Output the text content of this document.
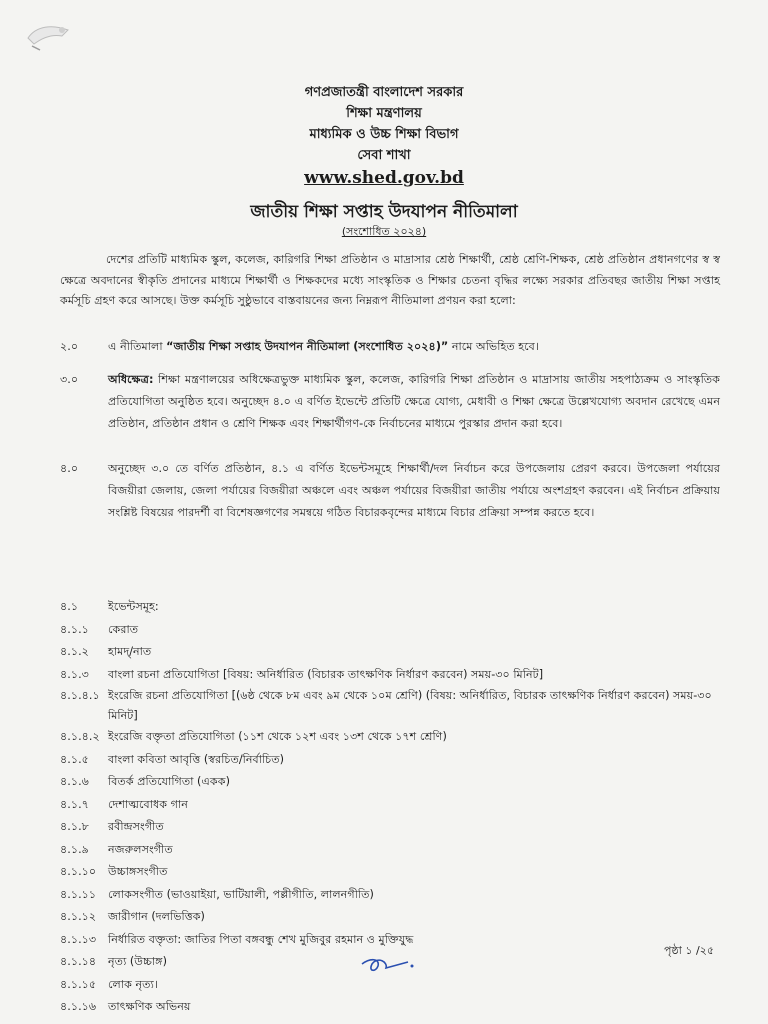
গণপ্রজাতন্ত্রী বাংলাদেশ সরকার
শিক্ষা মন্ত্রণালয়
মাধ্যমিক ও উচ্চ শিক্ষা বিভাগ
সেবা শাখা
www.shed.gov.bd
জাতীয় শিক্ষা সপ্তাহ উদযাপন নীতিমালা
(সংশোধিত ২০২৪)
দেশের প্রতিটি মাধ্যমিক স্কুল, কলেজ, কারিগরি শিক্ষা প্রতিষ্ঠান ও মাদ্রাসার শ্রেষ্ঠ শিক্ষার্থী, শ্রেষ্ঠ শ্রেণি-শিক্ষক, শ্রেষ্ঠ প্রতিষ্ঠান প্রধানগণের স্ব স্ব ক্ষেত্রে অবদানের স্বীকৃতি প্রদানের মাধ্যমে শিক্ষার্থী ও শিক্ষকদের মধ্যে সাংস্কৃতিক ও শিক্ষার চেতনা বৃদ্ধির লক্ষ্যে সরকার প্রতিবছর জাতীয় শিক্ষা সপ্তাহ কর্মসূচি গ্রহণ করে আসছে। উক্ত কর্মসূচি সুষ্ঠুভাবে বাস্তবায়নের জন্য নিম্নরূপ নীতিমালা প্রণয়ন করা হলো:
২.০	এ নীতিমালা “জাতীয় শিক্ষা সপ্তাহ উদযাপন নীতিমালা (সংশোধিত ২০২৪)” নামে অভিহিত হবে।
৩.০	অধিক্ষেত্র: শিক্ষা মন্ত্রণালয়ের অধিক্ষেত্রভুক্ত মাধ্যমিক স্কুল, কলেজ, কারিগরি শিক্ষা প্রতিষ্ঠান ও মাদ্রাসায় জাতীয় সহপাঠ্যক্রম ও সাংস্কৃতিক প্রতিযোগিতা অনুষ্ঠিত হবে। অনুচ্ছেদ ৪.০ এ বর্ণিত ইভেন্টে প্রতিটি ক্ষেত্রে যোগ্য, মেধাবী ও শিক্ষা ক্ষেত্রে উল্লেখযোগ্য অবদান রেখেছে এমন প্রতিষ্ঠান, প্রতিষ্ঠান প্রধান ও শ্রেণি শিক্ষক এবং শিক্ষার্থীগণ-কে নির্বাচনের মাধ্যমে পুরস্কার প্রদান করা হবে।
৪.০	অনুচ্ছেদ ৩.০ তে বর্ণিত প্রতিষ্ঠান, ৪.১ এ বর্ণিত ইভেন্টসমূহে শিক্ষার্থী/দল নির্বাচন করে উপজেলায় প্রেরণ করবে। উপজেলা পর্যায়ের বিজয়ীরা জেলায়, জেলা পর্যায়ের বিজয়ীরা অঞ্চলে এবং অঞ্চল পর্যায়ের বিজয়ীরা জাতীয় পর্যায়ে অংশগ্রহণ করবেন। এই নির্বাচন প্রক্রিয়ায় সংশ্লিষ্ট বিষয়ের পারদর্শী বা বিশেষজ্ঞগণের সমন্বয়ে গঠিত বিচারকবৃন্দের মাধ্যমে বিচার প্রক্রিয়া সম্পন্ন করতে হবে।
৪.১	ইভেন্টসমূহ:
৪.১.১	কেরাত
৪.১.২	হামদ্/নাত
৪.১.৩	বাংলা রচনা প্রতিযোগিতা [বিষয়: অনির্ধারিত (বিচারক তাৎক্ষণিক নির্ধারণ করবেন) সময়-৩০ মিনিট]
৪.১.৪.১ ইংরেজি রচনা প্রতিযোগিতা [(৬ষ্ঠ থেকে ৮ম এবং ৯ম থেকে ১০ম শ্রেণি) (বিষয়: অনির্ধারিত, বিচারক তাৎক্ষণিক নির্ধারণ করবেন) সময়-৩০ মিনিট]
৪.১.৪.২ ইংরেজি বক্তৃতা প্রতিযোগিতা (১১শ থেকে ১২শ এবং ১৩শ থেকে ১৭শ শ্রেণি)
৪.১.৫	বাংলা কবিতা আবৃত্তি (স্বরচিত/নির্বাচিত)
৪.১.৬	বিতর্ক প্রতিযোগিতা (একক)
৪.১.৭	দেশাত্মবোধক গান
৪.১.৮	রবীন্দ্রসংগীত
৪.১.৯	নজরুলসংগীত
৪.১.১০	উচ্চাঙ্গসংগীত
৪.১.১১	লোকসংগীত (ভাওয়াইয়া, ভাটিয়ালী, পল্লীগীতি, লালনগীতি)
৪.১.১২	জারীগান (দলভিত্তিক)
৪.১.১৩	নির্ধারিত বক্তৃতা: জাতির পিতা বঙ্গবন্ধু শেখ মুজিবুর রহমান ও মুক্তিযুদ্ধ
৪.১.১৪	নৃত্য (উচ্চাঙ্গ)
৪.১.১৫	লোক নৃত্য।
৪.১.১৬	তাৎক্ষণিক অভিনয়
পৃষ্ঠা ১ /২৫
